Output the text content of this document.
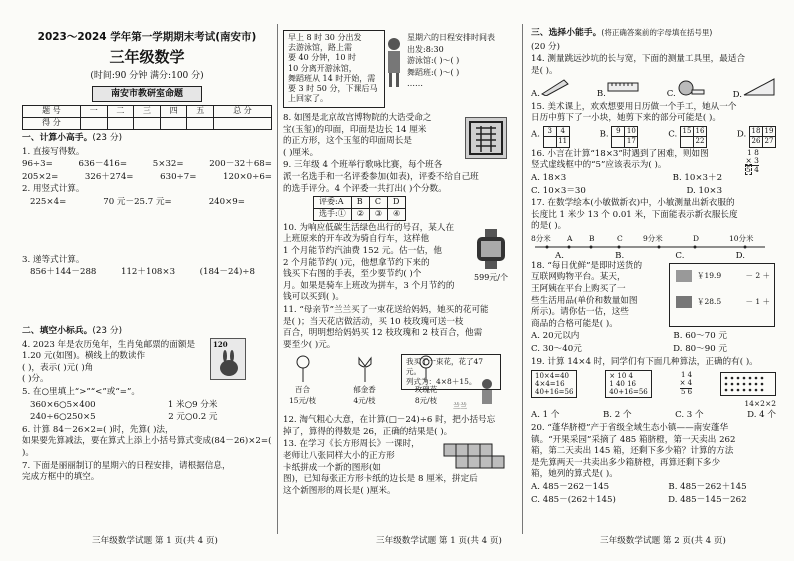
2023～2024 学年第一学期期末考试(南安市)
三年级数学
(时间:90 分钟 满分:100 分)
南安市教研室命题
题 号	一	二	三	四	五	总 分
得 分						
一、计算小高手。(23 分)
1. 直接写得数。
96÷3=	636－416=	5×32=	200－32＋68=
205×2=	326＋274=	630÷7=	120×0÷6=
2. 用竖式计算。
225×4=	70 元－25.7 元=	240×9=
3. 递等式计算。
856＋144－288	112＋108×3	(184－24)÷8
二、填空小标兵。(23 分)
4. 2023 年是农历兔年，生肖兔邮票的面额是
1.20 元(如图)。横线上的数读作
( )，表示( )元( )角
( )分。
120
5. 在○里填上“>”“<”或“=”。
360×6○5×400	1 米○9 分米
240÷6○250×5	2 元○0.2 元
6. 计算 84－26×2=( )时，先算( )法，
如果要先算减法，要在算式上添上小括号算式变成(84－26)×2=( )。
7. 下面是丽丽制订的星期六的日程安排，请根据信息，
完成方框中的填空。
三年级数学试题 第 1 页(共 4 页)
早上 8 时 30 分出发
去游泳馆，路上需
要 40 分钟，10 时
10 分离开游泳馆，
舞蹈班从 14 时开始，需
要 3 时 50 分，下课后马
上回家了。
星期六的日程安排时间表
出发:8:30
游泳馆:( )～( )
舞蹈班:( )～( )
……
8. 如图是北京故宫博物院的大诰受命之
宝(玉玺)的印面，印面是边长 14 厘米
的正方形，这个玉玺的印面周长是
( )厘米。
9. 三年级 4 个班举行歌咏比赛，每个班各
派一名选手和一名评委参加(如表)，评委不给自己班
的选手评分。4 个评委一共打出( )个分数。
评委:A	B	C	D
选手:①	②	③	④
10. 为响应低碳生活绿色出行的号召，某人在
上班原来的开车改为骑自行车，这样他
1 个月能节约汽油费 152 元。估一估，他
2 个月能节约( )元，他想拿节约下来的
钱买下右图的手表，至少要节约( )个
月。如果是骑车上班改为拼车，3 个月节约的钱可以买到( )。
599元/个
11. “母亲节”兰兰买了一束花送给妈妈，她买的花可能
是( )；当天花店做活动，买 10 枝玫瑰可送一枝
百合，明明想给妈妈买 12 枝玫瑰和 2 枝百合，他需
要至少( )元。
百合
15元/枝
郁金香
4元/枝
玫瑰花
8元/枝
我买了一束花，花了47元。
列式为：4×8＋15。
兰兰
12. 淘气粗心大意，在计算(□－24)÷6 时，把小括号忘
掉了，算得的得数是 26，正确的结果是( )。
13. 在学习《长方形周长》一课时，
老师让八张同样大小的正方形
卡纸拼成一个新的图形(如
图)，已知每张正方形卡纸的边长是 8 厘米，拼定后
这个新图形的周长是( )厘米。
三年级数学试题 第 1 页(共 4 页)
三、选择小能手。(将正确答案前的字母填在括号里)
(20 分)
14. 测量跳远沙坑的长与宽，下面的测量工具里，最适合
是( )。
A.	B.	C.	D.
15. 美术课上，欢欢想要用日历做一个手工，她从一个
日历中剪下了一小块，她剪下来的部分可能是( )。
A. 3	4
	11
B. 9	10
	17
C. 15	16
	22
D. 18	19
26	27
16. 小言在计算“18×3”时遇到了困难，则如图
竖式虚线框中的“5”应该表示为( )。
1 8
× 3
5 4
A. 18×3	B. 10×3＋2
C. 10×3＝30	D. 10×3
17. 在数学绘本(小敏做新衣)中，小敏测量出新衣服的
长度比 1 米少 13 个 0.01 米，下面能表示新衣服长度
的是( )。
8分米 A B	C	9分米	D	10分米
A.	B.	C.	D.
18. “每日优鲜”是即时送货的
互联网购物平台。某天，
王阿姨在平台上购买了一
些生活用品(单价和数量如图
所示)。请你估一估，这些
商品的合格可能是( )。
￥19.9	－ 2 ＋
￥28.5	－ 1 ＋
A. 20元以内	B. 60～70 元
C. 30～40元	D. 80～90 元
19. 计算 14×4 时，同学们有下面几种算法，正确的有( )。
10×4=40
4×4=16
40+16=56
× 10 4
1 40 16
40+16=56
1 4
× 4
5 6
14×2×2
A. 1 个	B. 2 个	C. 3 个	D. 4 个
20. “蓬华脐橙”产于省级全域生态小镇——南安蓬华
镇。“开果采园”采摘了 485 箱脐橙，第一天卖出 262
箱，第二天卖出 145 箱，还剩下多少箱？计算的方法
是先算两天一共卖出多少箱脐橙，再算还剩下多少
箱，她列的算式是( )。
A. 485－262－145	B. 485－262＋145
C. 485－(262＋145)	D. 485－145－262
三年级数学试题 第 2 页(共 4 页)
